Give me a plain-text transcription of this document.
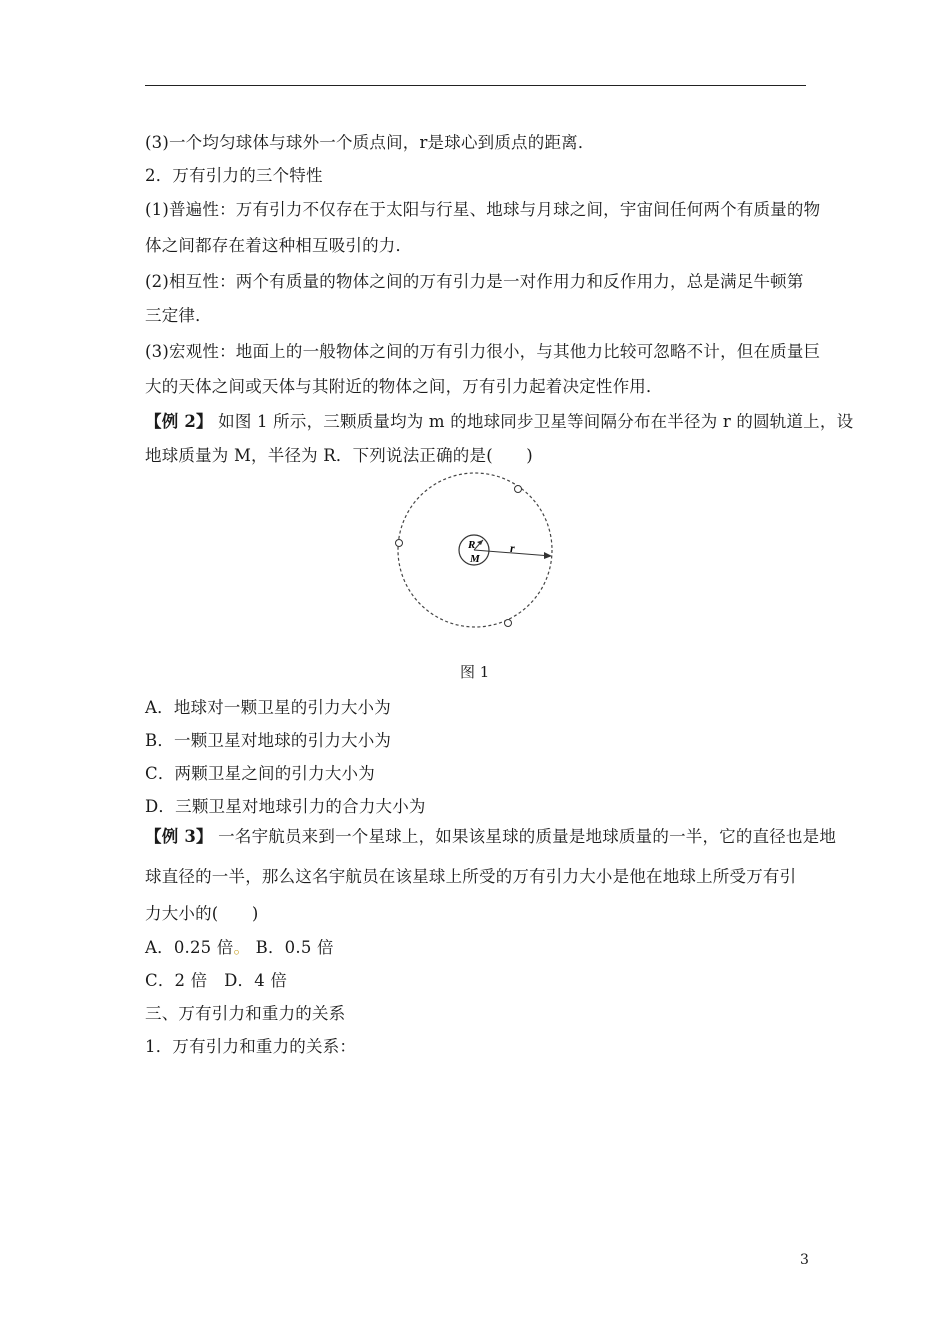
(3)一个均匀球体与球外一个质点间，r是球心到质点的距离．
2．万有引力的三个特性
(1)普遍性：万有引力不仅存在于太阳与行星、地球与月球之间，宇宙间任何两个有质量的物
体之间都存在着这种相互吸引的力．
(2)相互性：两个有质量的物体之间的万有引力是一对作用力和反作用力，总是满足牛顿第
三定律．
(3)宏观性：地面上的一般物体之间的万有引力很小，与其他力比较可忽略不计，但在质量巨
大的天体之间或天体与其附近的物体之间，万有引力起着决定性作用．
【例 2】 如图 1 所示，三颗质量均为 m 的地球同步卫星等间隔分布在半径为 r 的圆轨道上，设
地球质量为 M，半径为 R．下列说法正确的是(　　)
R
M
r
图 1
A．地球对一颗卫星的引力大小为
B．一颗卫星对地球的引力大小为
C．两颗卫星之间的引力大小为
D．三颗卫星对地球引力的合力大小为
【例 3】 一名宇航员来到一个星球上，如果该星球的质量是地球质量的一半，它的直径也是地
球直径的一半，那么这名宇航员在该星球上所受的万有引力大小是他在地球上所受万有引
力大小的(　　)
A．0.25 倍。 B．0.5 倍
C．2 倍　D．4 倍
三、万有引力和重力的关系
1．万有引力和重力的关系：
3
